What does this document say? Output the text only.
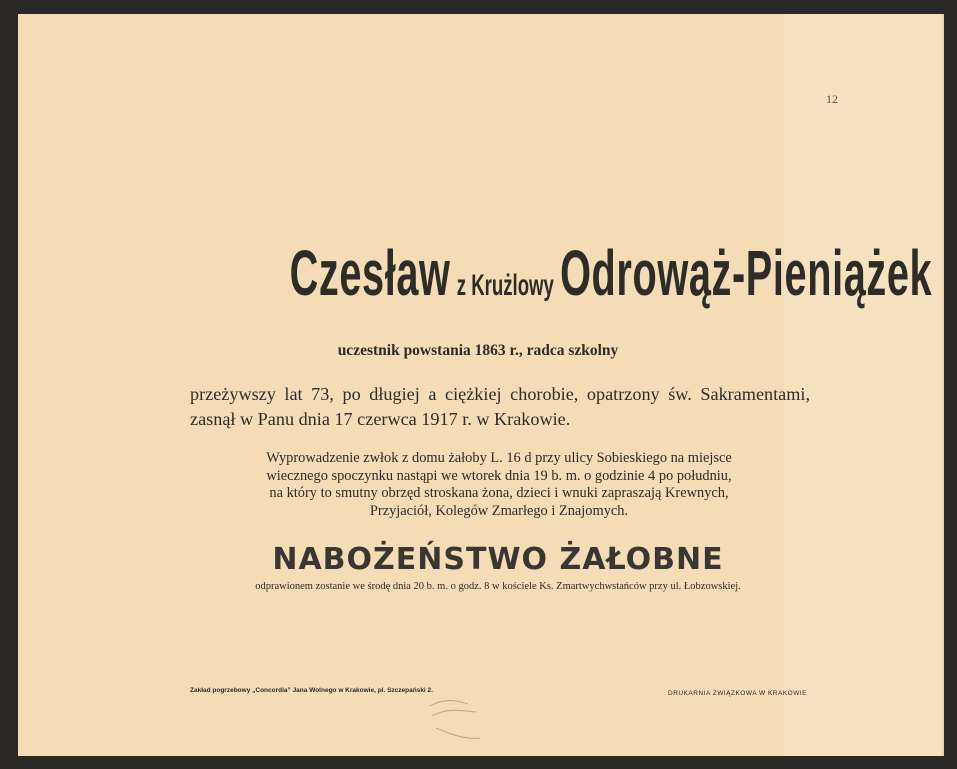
12
Czesław z KrużlowyOdrowąż-Pieniążek
uczestnik powstania 1863 r., radca szkolny
przeżywszy lat 73, po długiej a ciężkiej chorobie, opatrzony św. Sakramentami, zasnął w Panu dnia 17 czerwca 1917 r. w Krakowie.
Wyprowadzenie zwłok z domu żałoby L. 16 d przy ulicy Sobieskiego na miejsce
wiecznego spoczynku nastąpi we wtorek dnia 19 b. m. o godzinie 4 po południu,
na który to smutny obrzęd stroskana żona, dzieci i wnuki zapraszają Krewnych,
Przyjaciół, Kolegów Zmarłego i Znajomych.
NABOŻEŃSTWO ŻAŁOBNE
odprawionem zostanie we środę dnia 20 b. m. o godz. 8 w kościele Ks. Zmartwychwstańców przy ul. Łobzowskiej.
Zakład pogrzebowy „Concordia” Jana Wolnego w Krakowie, pl. Szczepański 2.	DRUKARNIA ZWIĄZKOWA W KRAKOWIE
